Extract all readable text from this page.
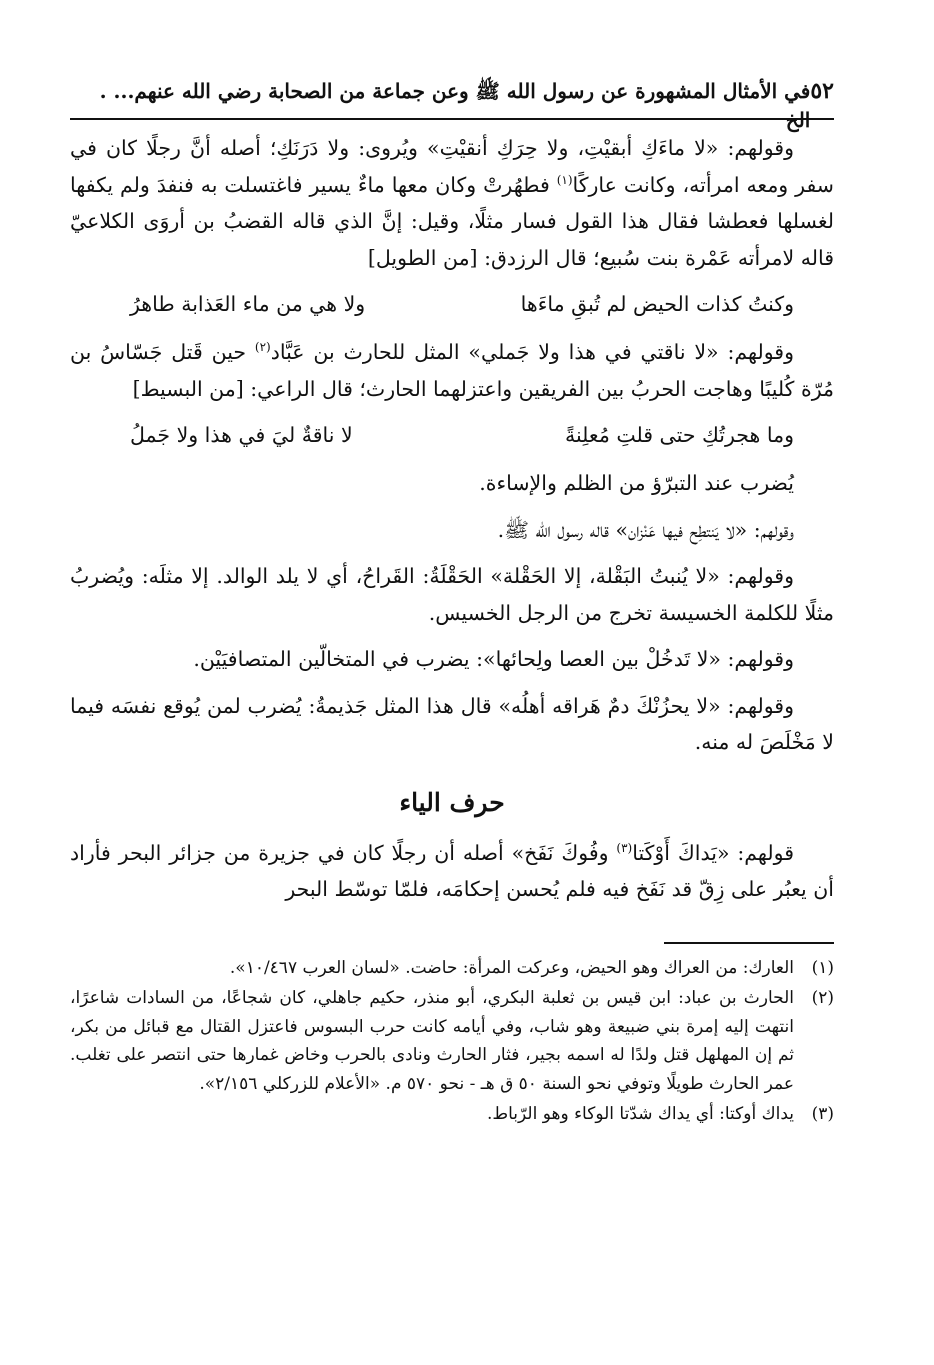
٥٢
في الأمثال المشهورة عن رسول الله ﷺ وعن جماعة من الصحابة رضي الله عنهم... . الخ

وقولهم: «لا ماءَكِ أبقيْتِ، ولا حِرَكِ أنقيْتِ» ويُروى: ولا دَرَنَكِ؛ أصله أنَّ رجلًا كان في سفر ومعه امرأته، وكانت عاركًا$^{(١)}$ فطهُرتْ وكان معها ماءٌ يسير فاغتسلت به فنفدَ ولم يكفها لغسلها فعطشا فقال هذا القول فسار مثلًا، وقيل: إنَّ الذي قاله القضبُ بن أروَى الكلاعيّ قاله لامرأته عَمْرة بنت سُبيع؛ قال الرزدق: [من الطويل]

وكنتُ كذات الحيض لم تُبقِ ماءَها
ولا هي من ماء العَذابة طاهرُ

وقولهم: «لا ناقتي في هذا ولا جَملي» المثل للحارث بن عَبَّاد$^{(٢)}$ حين قَتل جَسّاسُ بن مُرّة كُليبًا وهاجت الحربُ بين الفريقين واعتزلهما الحارث؛ قال الراعي: [من البسيط]

وما هجرتُكِ حتى قلتِ مُعلِنةً
لا ناقةٌ ليَ في هذا ولا جَملُ

يُضرب عند التبرّؤ من الظلم والإساءة.

وقولهم: «لا يَنتطِح فيها عَنْزان» قاله رسول الله ﷺ.

وقولهم: «لا يُنبتُ البَقْلة، إلا الحَقْلة» الحَقْلَةُ: القَراحُ، أي لا يلد الوالد. إلا مثلَه: ويُضربُ مثلًا للكلمة الخسيسة تخرج من الرجل الخسيس.

وقولهم: «لا تَدخُلْ بين العصا ولِحائها»: يضرب في المتخالّين المتصافيَيْن.

وقولهم: «لا يحزُنْكَ دمٌ هَراقه أهلُه» قال هذا المثل جَذيمةُ: يُضرب لمن يُوقع نفسَه فيما لا مَخْلَصَ له منه.

حرف الياء

قولهم: «يَداكَ أَوْكَتا$^{(٣)}$ وفُوكَ نَفَخ» أصله أن رجلًا كان في جزيرة من جزائر البحر فأراد أن يعبُر على زِقّ قد نَفَخ فيه فلم يُحسن إحكامَه، فلمّا توسّط البحر

(١)
العارك: من العراك وهو الحيض، وعركت المرأة: حاضت. «لسان العرب ١٠/٤٦٧».
(٢)
الحارث بن عباد: ابن قيس بن ثعلبة البكري، أبو منذر، حكيم جاهلي، كان شجاعًا، من السادات شاعرًا، انتهت إليه إمرة بني ضبيعة وهو شاب، وفي أيامه كانت حرب البسوس فاعتزل القتال مع قبائل من بكر، ثم إن المهلهل قتل ولدًا له اسمه بجير، فثار الحارث ونادى بالحرب وخاض غمارها حتى انتصر على تغلب. عمر الحارث طويلًا وتوفي نحو السنة ٥٠ ق هـ - نحو ٥٧٠ م. «الأعلام للزركلي ٢/١٥٦».
(٣)
يداك أوكتا: أي يداك شدّتا الوكاء وهو الرّباط.
